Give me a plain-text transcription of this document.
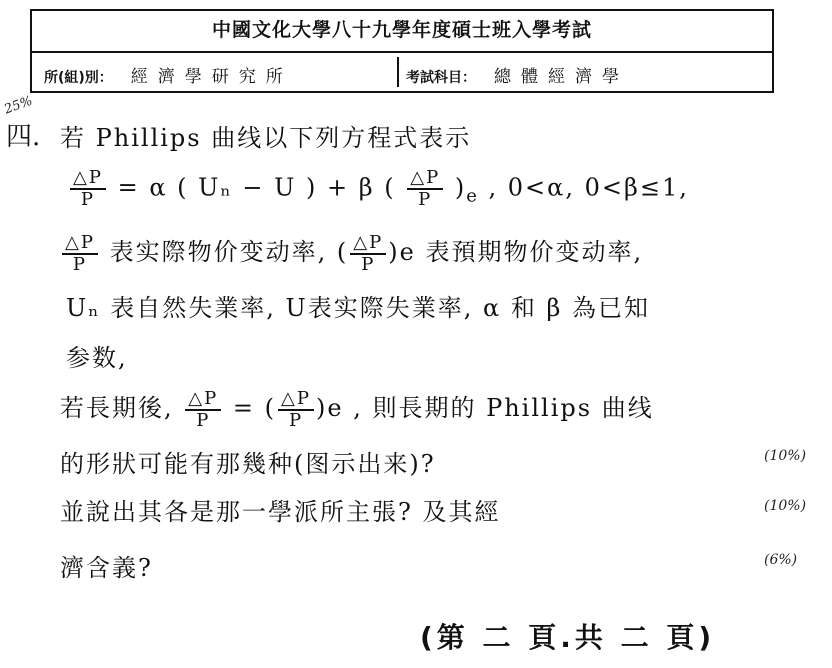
中國文化大學八十九學年度碩士班入學考試
所(組)別： 經濟學研究所	考試科目： 總體經濟學
25%
四. 若 Phillips 曲线以下列方程式表示
$\frac{\triangle P}{P} = \alpha$ ( Uₙ − U ) + β ( $\frac{\triangle P}{P} )_e$ , 0<α, 0<β≤1,
$\frac{\triangle P}{P}$ 表实際物价变动率, ( $\frac{\triangle P}{P} )e$ 表預期物价变动率,
Uₙ 表自然失業率, U表实際失業率, α 和 β 為已知
参数,
若長期後, $\frac{\triangle P}{P}$ = ( $\frac{\triangle P}{P} )e$ , 則長期的 Phillips 曲线
的形狀可能有那幾种(图示出来)?	(10%)
並說出其各是那一學派所主張? 及其經	(10%)
濟含義?	(6%)
(第 二 頁.共 二 頁)
